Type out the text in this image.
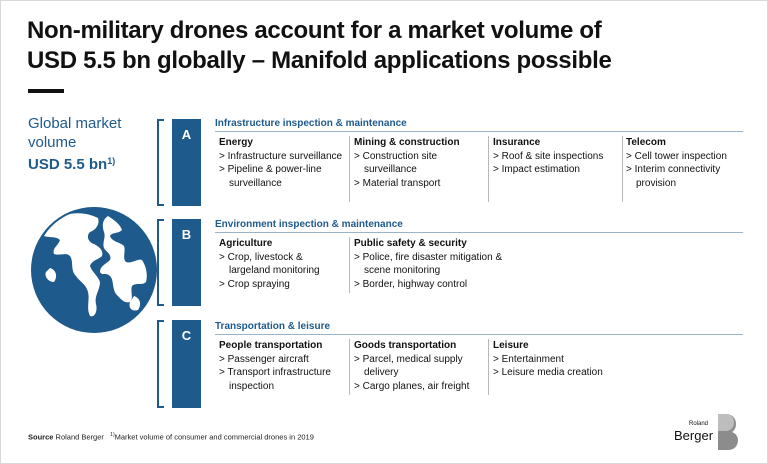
Non-military drones account for a market volume of
USD 5.5 bn globally – Manifold applications possible
Global market
volume
USD 5.5 $bn^{1)}$
A
Infrastructure inspection & maintenance
Energy
> Infrastructure surveillance
> Pipeline & power-line surveillance
Mining & construction
> Construction site surveillance
> Material transport
Insurance
> Roof & site inspections
> Impact estimation
Telecom
> Cell tower inspection
> Interim connectivity provision
B
Environment inspection & maintenance
Agriculture
> Crop, livestock & largeland monitoring
> Crop spraying
Public safety & security
> Police, fire disaster mitigation & scene monitoring
> Border, highway control
C
Transportation & leisure
People transportation
> Passenger aircraft
> Transport infrastructure inspection
Goods transportation
> Parcel, medical supply delivery
> Cargo planes, air freight
Leisure
> Entertainment
> Leisure media creation
Source Roland Berger $^{1)}$Market volume of consumer and commercial drones in 2019
Roland
Berger
